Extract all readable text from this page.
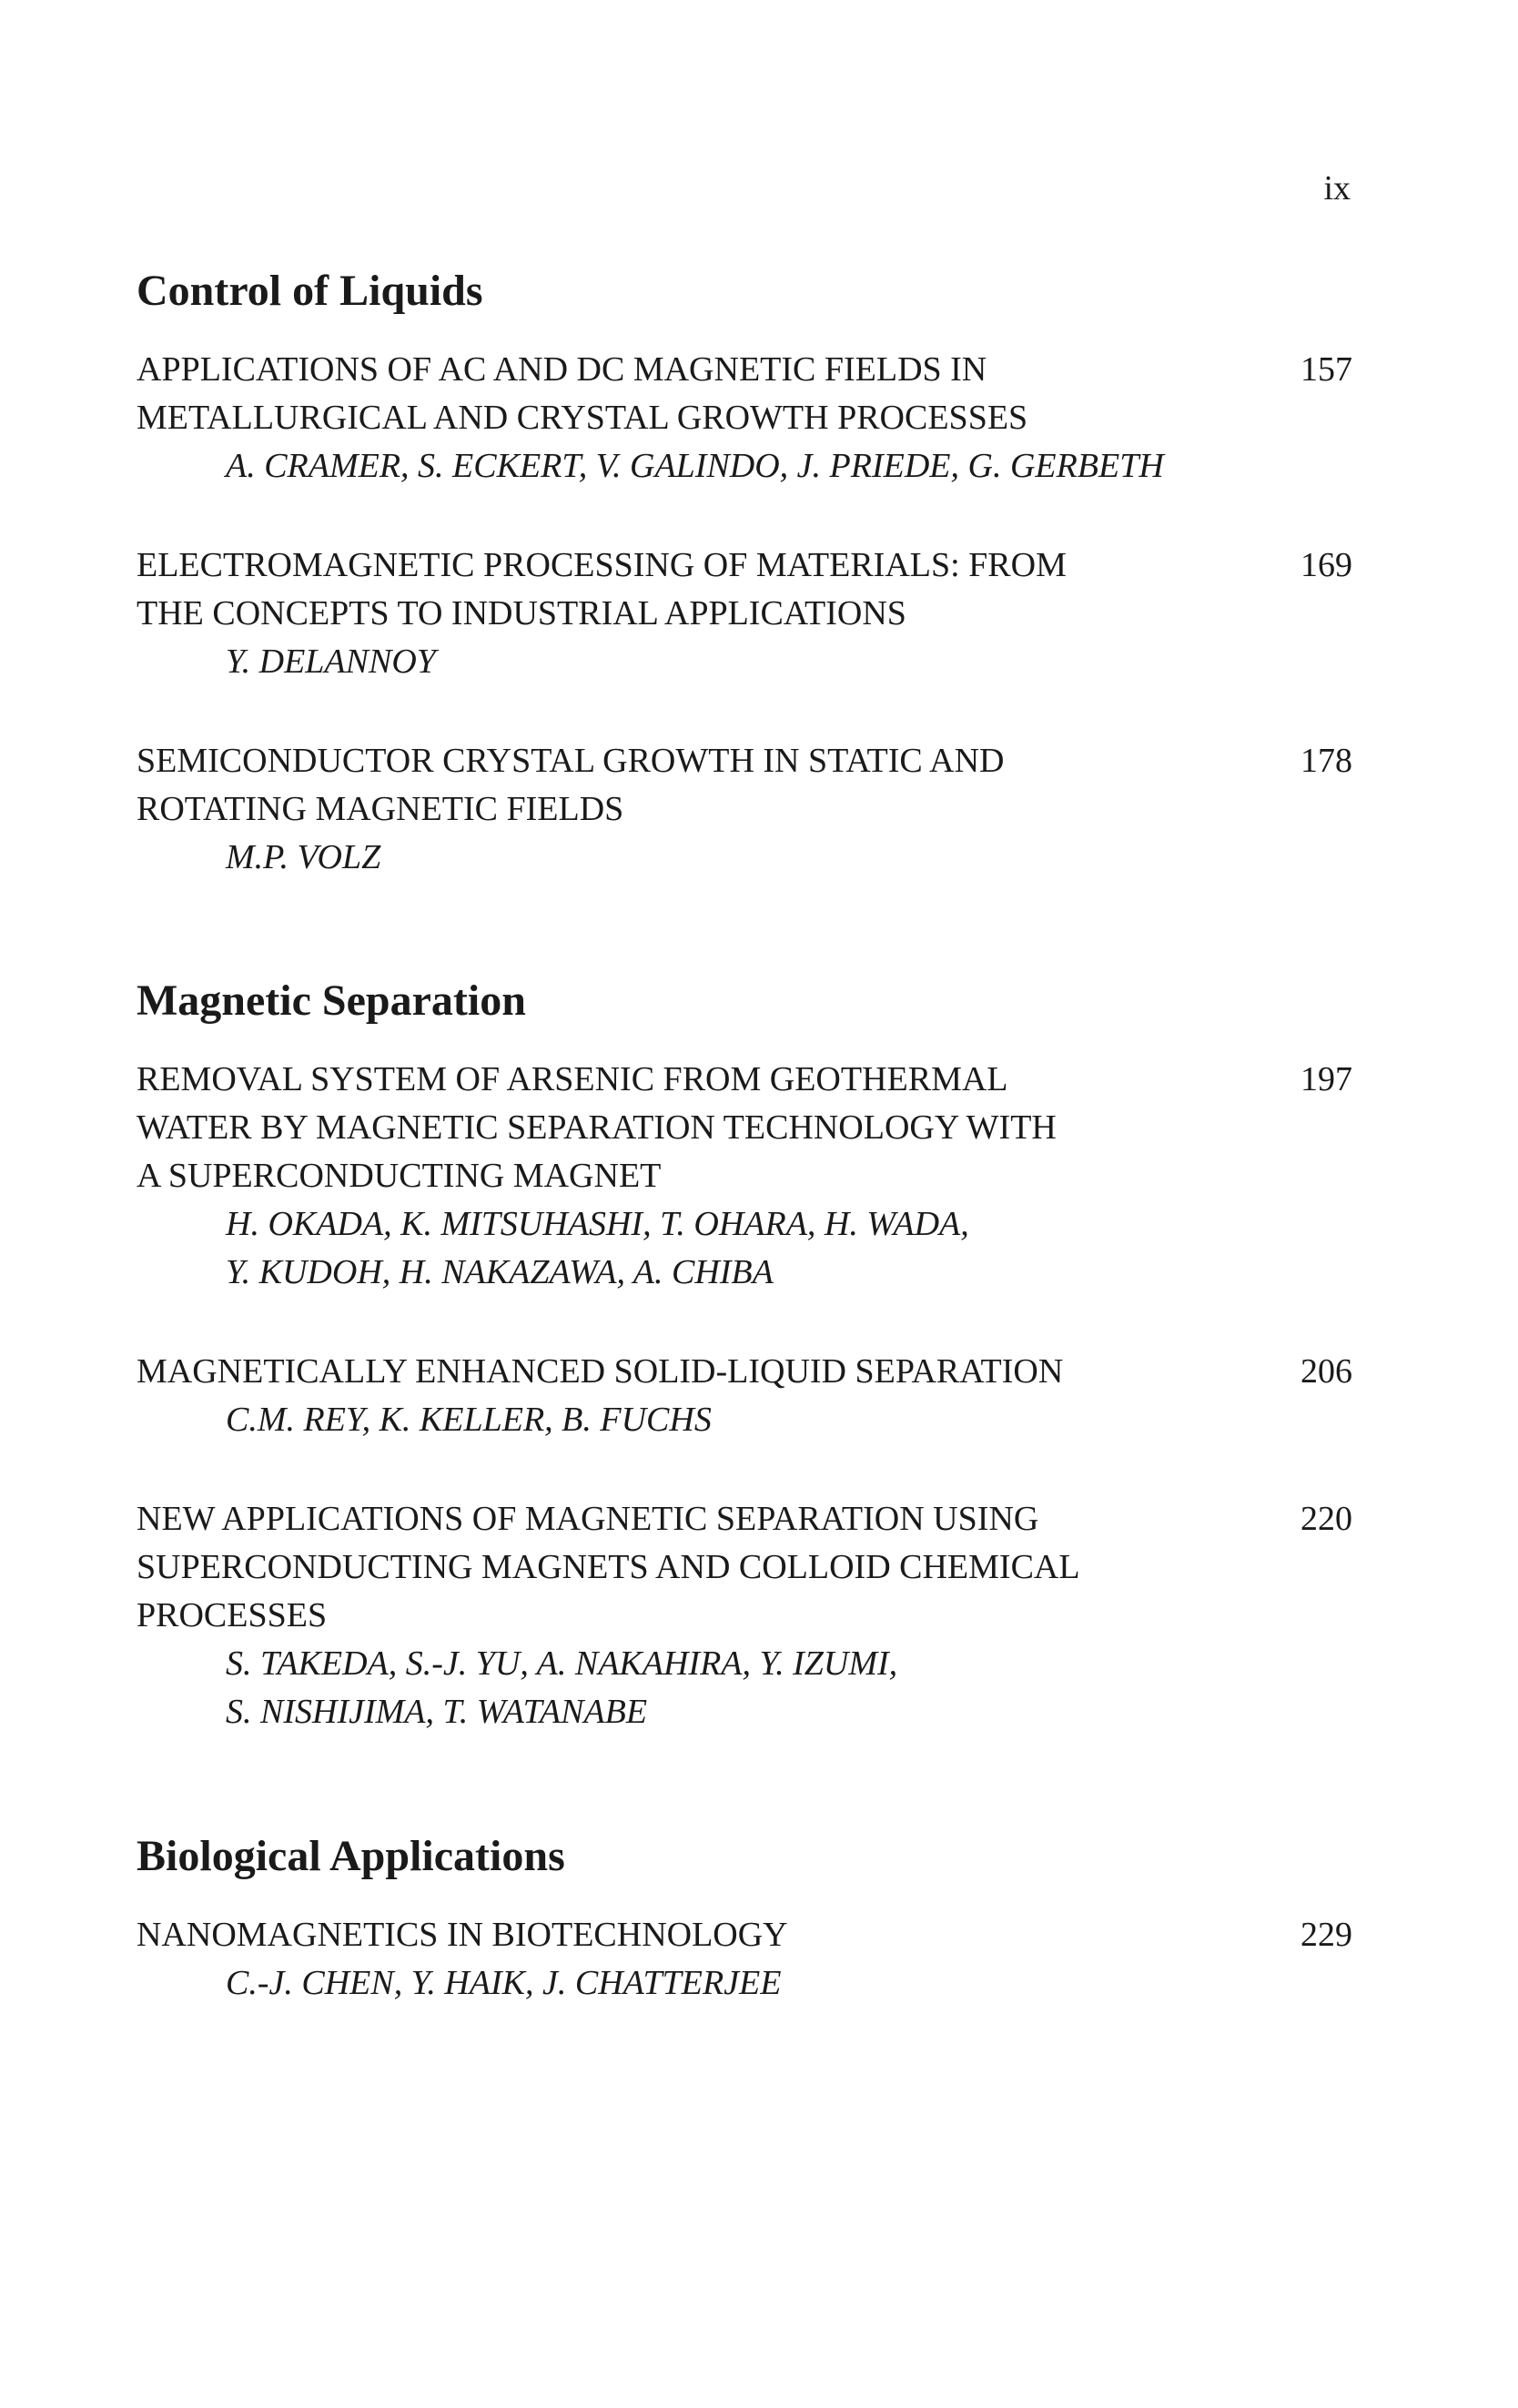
ix
Control of Liquids
APPLICATIONS OF AC AND DC MAGNETIC FIELDS IN
METALLURGICAL AND CRYSTAL GROWTH PROCESSES
A. CRAMER, S. ECKERT, V. GALINDO, J. PRIEDE, G. GERBETH
157
ELECTROMAGNETIC PROCESSING OF MATERIALS: FROM
THE CONCEPTS TO INDUSTRIAL APPLICATIONS
Y. DELANNOY
169
SEMICONDUCTOR CRYSTAL GROWTH IN STATIC AND
ROTATING MAGNETIC FIELDS
M.P. VOLZ
178
Magnetic Separation
REMOVAL SYSTEM OF ARSENIC FROM GEOTHERMAL
WATER BY MAGNETIC SEPARATION TECHNOLOGY WITH
A SUPERCONDUCTING MAGNET
H. OKADA, K. MITSUHASHI, T. OHARA, H. WADA,
Y. KUDOH, H. NAKAZAWA, A. CHIBA
197
MAGNETICALLY ENHANCED SOLID-LIQUID SEPARATION
C.M. REY, K. KELLER, B. FUCHS
206
NEW APPLICATIONS OF MAGNETIC SEPARATION USING
SUPERCONDUCTING MAGNETS AND COLLOID CHEMICAL
PROCESSES
S. TAKEDA, S.-J. YU, A. NAKAHIRA, Y. IZUMI,
S. NISHIJIMA, T. WATANABE
220
Biological Applications
NANOMAGNETICS IN BIOTECHNOLOGY
C.-J. CHEN, Y. HAIK, J. CHATTERJEE
229
